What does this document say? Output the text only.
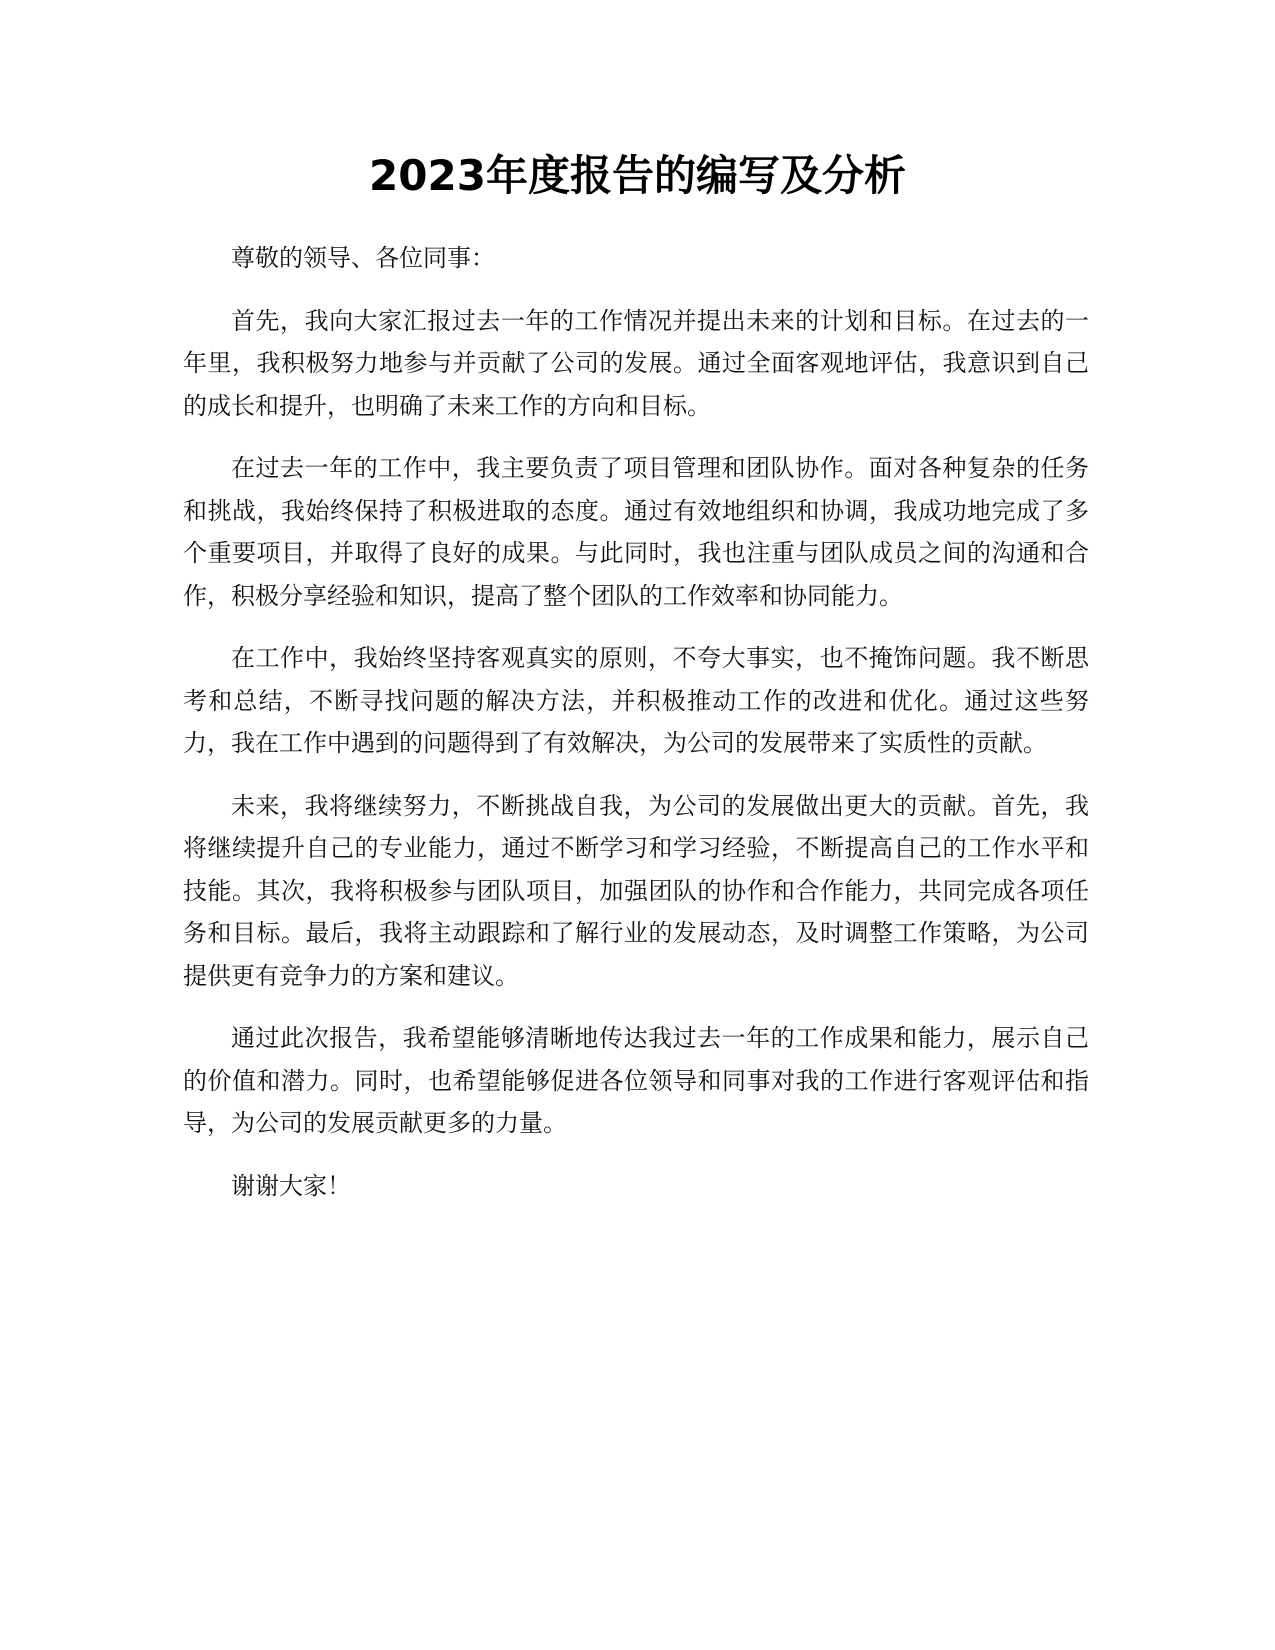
2023年度报告的编写及分析

尊敬的领导、各位同事：

首先，我向大家汇报过去一年的工作情况并提出未来的计划和目标。在过去的一年里，我积极努力地参与并贡献了公司的发展。通过全面客观地评估，我意识到自己的成长和提升，也明确了未来工作的方向和目标。

在过去一年的工作中，我主要负责了项目管理和团队协作。面对各种复杂的任务和挑战，我始终保持了积极进取的态度。通过有效地组织和协调，我成功地完成了多个重要项目，并取得了良好的成果。与此同时，我也注重与团队成员之间的沟通和合作，积极分享经验和知识，提高了整个团队的工作效率和协同能力。

在工作中，我始终坚持客观真实的原则，不夸大事实，也不掩饰问题。我不断思考和总结，不断寻找问题的解决方法，并积极推动工作的改进和优化。通过这些努力，我在工作中遇到的问题得到了有效解决，为公司的发展带来了实质性的贡献。

未来，我将继续努力，不断挑战自我，为公司的发展做出更大的贡献。首先，我将继续提升自己的专业能力，通过不断学习和学习经验，不断提高自己的工作水平和技能。其次，我将积极参与团队项目，加强团队的协作和合作能力，共同完成各项任务和目标。最后，我将主动跟踪和了解行业的发展动态，及时调整工作策略，为公司提供更有竞争力的方案和建议。

通过此次报告，我希望能够清晰地传达我过去一年的工作成果和能力，展示自己的价值和潜力。同时，也希望能够促进各位领导和同事对我的工作进行客观评估和指导，为公司的发展贡献更多的力量。

谢谢大家！
